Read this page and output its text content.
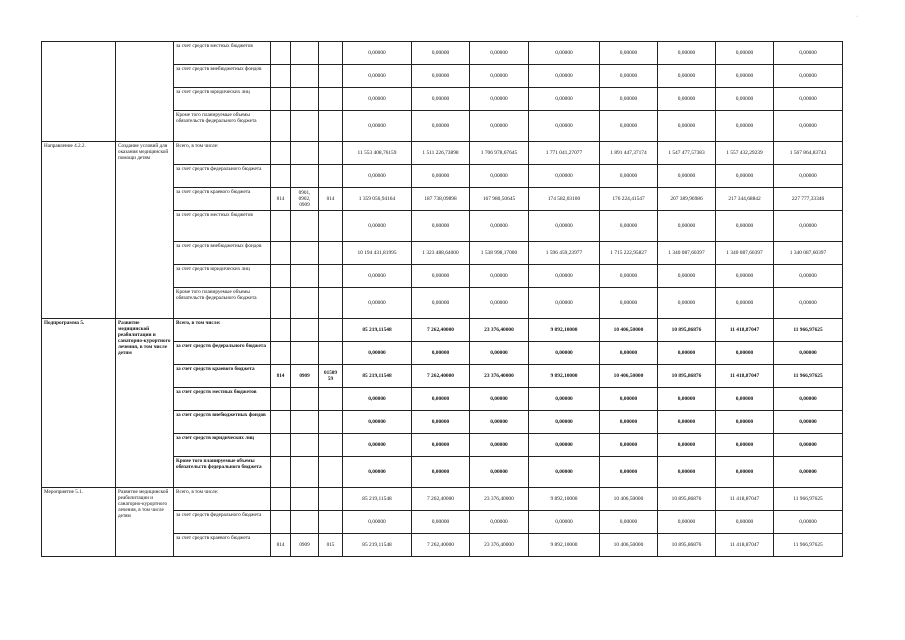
·
		за счет средств местных бюджетов				0,00000	0,00000	0,00000	0,00000	0,00000	0,00000	0,00000	0,00000
		за счет средств внебюджетных фондов				0,00000	0,00000	0,00000	0,00000	0,00000	0,00000	0,00000	0,00000
		за счет средств юридических лиц				0,00000	0,00000	0,00000	0,00000	0,00000	0,00000	0,00000	0,00000
		Кроме того планируемые объемы обязательств федерального бюджета				0,00000	0,00000	0,00000	0,00000	0,00000	0,00000	0,00000	0,00000
Направление 4.2.2.	Создание условий для оказания медицинской помощи детям	Всего, в том числе:				11 553 408,76159	1 511 226,73898	1 706 978,67645	1 771 041,27077	1 891 447,37174	1 547 477,57383	1 557 432,29239	1 567 864,83743
		за счет средств федерального бюджета				0,00000	0,00000	0,00000	0,00000	0,00000	0,00000	0,00000	0,00000
		за счет средств краевого бюджета	814	0901, 0902, 0909	014	1 359 056,94164	187 738,09898	167 980,50645	174 582,03100	176 224,41547	207 389,96986	217 344,68842	227 777,33346
		за счет средств местных бюджетов				0,00000	0,00000	0,00000	0,00000	0,00000	0,00000	0,00000	0,00000
		за счет средств внебюджетных фондов				10 194 431,81995	1 323 488,64000	1 538 998,17000	1 596 459,23977	1 715 222,95827	1 340 087,60397	1 340 087,60397	1 340 087,60397
		за счет средств юридических лиц				0,00000	0,00000	0,00000	0,00000	0,00000	0,00000	0,00000	0,00000
		Кроме того планируемые объемы обязательств федерального бюджета				0,00000	0,00000	0,00000	0,00000	0,00000	0,00000	0,00000	0,00000
Подпрограмма 5.	Развитие медицинской реабилитации и санаторно-курортного лечения, в том числе детям	Всего, в том числе:				85 219,11548	7 262,40000	23 376,40000	9 892,10000	10 406,50000	10 895,86876	11 418,87047	11 966,97625
		за счет средств федерального бюджета				0,00000	0,00000	0,00000	0,00000	0,00000	0,00000	0,00000	0,00000
		за счет средств краевого бюджета	814	0909	01509 59	85 219,11548	7 262,40000	23 376,40000	9 892,10000	10 406,50000	10 895,86876	11 418,87047	11 966,97625
		за счет средств местных бюджетов				0,00000	0,00000	0,00000	0,00000	0,00000	0,00000	0,00000	0,00000
		за счет средств внебюджетных фондов				0,00000	0,00000	0,00000	0,00000	0,00000	0,00000	0,00000	0,00000
		за счет средств юридических лиц				0,00000	0,00000	0,00000	0,00000	0,00000	0,00000	0,00000	0,00000
		Кроме того планируемые объемы обязательств федерального бюджета				0,00000	0,00000	0,00000	0,00000	0,00000	0,00000	0,00000	0,00000
Мероприятие 5.1.	Развитие медицинской реабилитации и санаторно-курортного лечения, в том числе детям	Всего, в том числе:				85 219,11548	7 262,40000	23 376,40000	9 892,10000	10 406,50000	10 895,86876	11 418,87047	11 966,97625
		за счет средств федерального бюджета				0,00000	0,00000	0,00000	0,00000	0,00000	0,00000	0,00000	0,00000
		за счет средств краевого бюджета	814	0909	015	85 219,11548	7 262,40000	23 376,40000	9 892,10000	10 406,50000	10 895,86876	11 418,87047	11 966,97625
